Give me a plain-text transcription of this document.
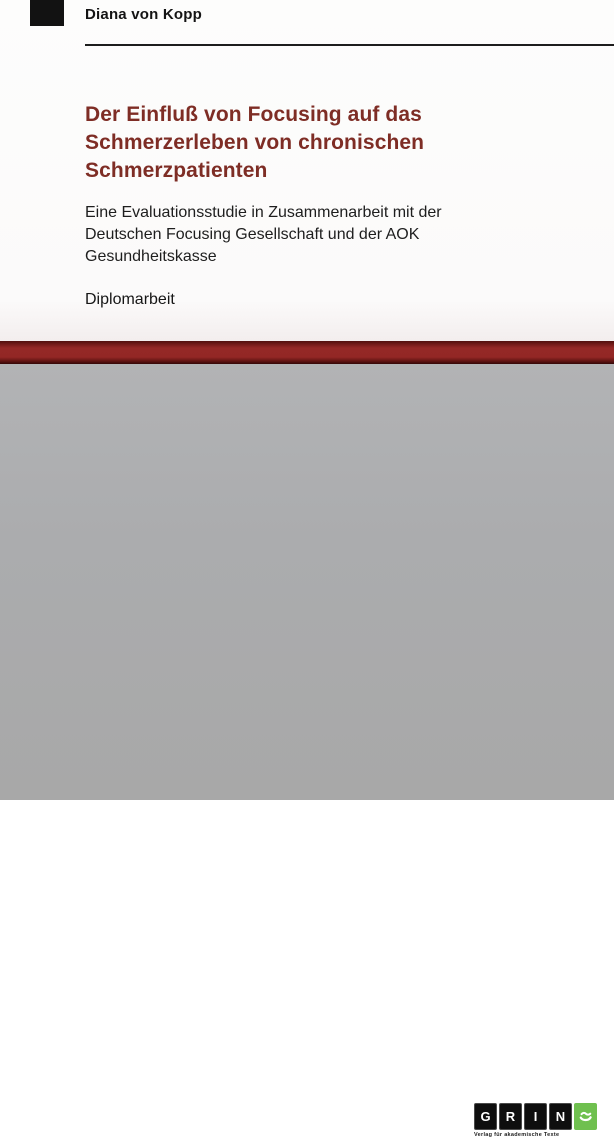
Diana von Kopp
Der Einfluß von Focusing auf das
Schmerzerleben von chronischen
Schmerzpatienten
Eine Evaluationsstudie in Zusammenarbeit mit der
Deutschen Focusing Gesellschaft und der AOK
Gesundheitskasse
Diplomarbeit
G	R	I	N
Verlag für akademische Texte
